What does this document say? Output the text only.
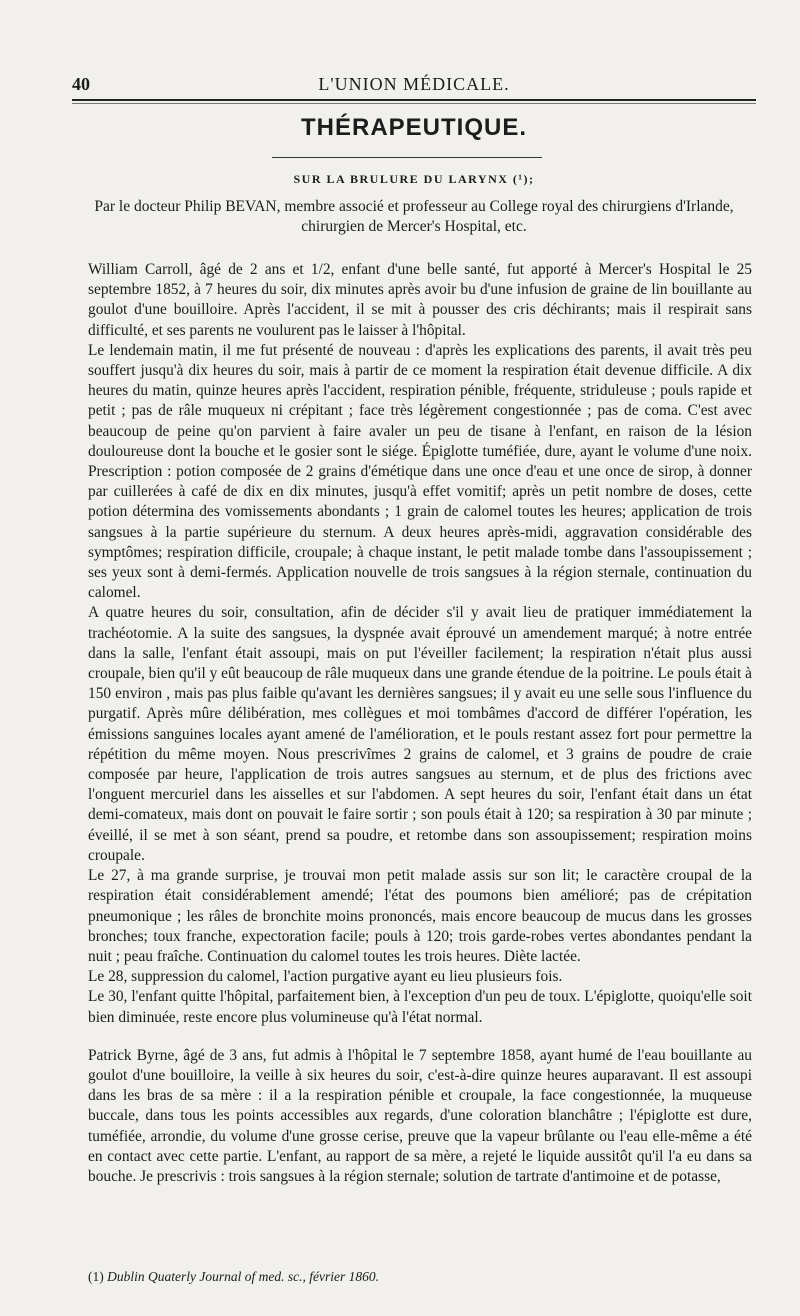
40	L'UNION MÉDICALE.
THÉRAPEUTIQUE.
SUR LA BRULURE DU LARYNX (¹);
Par le docteur Philip BEVAN, membre associé et professeur au College royal des chirurgiens d'Irlande, chirurgien de Mercer's Hospital, etc.

William Carroll, âgé de 2 ans et 1/2, enfant d'une belle santé, fut apporté à Mercer's Hospital le 25 septembre 1852, à 7 heures du soir, dix minutes après avoir bu d'une infusion de graine de lin bouillante au goulot d'une bouilloire. Après l'accident, il se mit à pousser des cris déchirants; mais il respirait sans difficulté, et ses parents ne voulurent pas le laisser à l'hôpital.

Le lendemain matin, il me fut présenté de nouveau : d'après les explications des parents, il avait très peu souffert jusqu'à dix heures du soir, mais à partir de ce moment la respiration était devenue difficile. A dix heures du matin, quinze heures après l'accident, respiration pénible, fréquente, striduleuse ; pouls rapide et petit ; pas de râle muqueux ni crépitant ; face très légèrement congestionnée ; pas de coma. C'est avec beaucoup de peine qu'on parvient à faire avaler un peu de tisane à l'enfant, en raison de la lésion douloureuse dont la bouche et le gosier sont le siége. Épiglotte tuméfiée, dure, ayant le volume d'une noix. Prescription : potion composée de 2 grains d'émétique dans une once d'eau et une once de sirop, à donner par cuillerées à café de dix en dix minutes, jusqu'à effet vomitif; après un petit nombre de doses, cette potion détermina des vomissements abondants ; 1 grain de calomel toutes les heures; application de trois sangsues à la partie supérieure du sternum. A deux heures après-midi, aggravation considérable des symptômes; respiration difficile, croupale; à chaque instant, le petit malade tombe dans l'assoupissement ; ses yeux sont à demi-fermés. Application nouvelle de trois sangsues à la région sternale, continuation du calomel.

A quatre heures du soir, consultation, afin de décider s'il y avait lieu de pratiquer immédiatement la trachéotomie. A la suite des sangsues, la dyspnée avait éprouvé un amendement marqué; à notre entrée dans la salle, l'enfant était assoupi, mais on put l'éveiller facilement; la respiration n'était plus aussi croupale, bien qu'il y eût beaucoup de râle muqueux dans une grande étendue de la poitrine. Le pouls était à 150 environ , mais pas plus faible qu'avant les dernières sangsues; il y avait eu une selle sous l'influence du purgatif. Après mûre délibération, mes collègues et moi tombâmes d'accord de différer l'opération, les émissions sanguines locales ayant amené de l'amélioration, et le pouls restant assez fort pour permettre la répétition du même moyen. Nous prescrivîmes 2 grains de calomel, et 3 grains de poudre de craie composée par heure, l'application de trois autres sangsues au sternum, et de plus des frictions avec l'onguent mercuriel dans les aisselles et sur l'abdomen. A sept heures du soir, l'enfant était dans un état demi-comateux, mais dont on pouvait le faire sortir ; son pouls était à 120; sa respiration à 30 par minute ; éveillé, il se met à son séant, prend sa poudre, et retombe dans son assoupissement; respiration moins croupale.

Le 27, à ma grande surprise, je trouvai mon petit malade assis sur son lit; le caractère croupal de la respiration était considérablement amendé; l'état des poumons bien amélioré; pas de crépitation pneumonique ; les râles de bronchite moins prononcés, mais encore beaucoup de mucus dans les grosses bronches; toux franche, expectoration facile; pouls à 120; trois garde-robes vertes abondantes pendant la nuit ; peau fraîche. Continuation du calomel toutes les trois heures. Diète lactée.

Le 28, suppression du calomel, l'action purgative ayant eu lieu plusieurs fois.

Le 30, l'enfant quitte l'hôpital, parfaitement bien, à l'exception d'un peu de toux. L'épiglotte, quoiqu'elle soit bien diminuée, reste encore plus volumineuse qu'à l'état normal.

Patrick Byrne, âgé de 3 ans, fut admis à l'hôpital le 7 septembre 1858, ayant humé de l'eau bouillante au goulot d'une bouilloire, la veille à six heures du soir, c'est-à-dire quinze heures auparavant. Il est assoupi dans les bras de sa mère : il a la respiration pénible et croupale, la face congestionnée, la muqueuse buccale, dans tous les points accessibles aux regards, d'une coloration blanchâtre ; l'épiglotte est dure, tuméfiée, arrondie, du volume d'une grosse cerise, preuve que la vapeur brûlante ou l'eau elle-même a été en contact avec cette partie. L'enfant, au rapport de sa mère, a rejeté le liquide aussitôt qu'il l'a eu dans sa bouche. Je prescrivis : trois sangsues à la région sternale; solution de tartrate d'antimoine et de potasse,

(1) Dublin Quaterly Journal of med. sc., février 1860.
